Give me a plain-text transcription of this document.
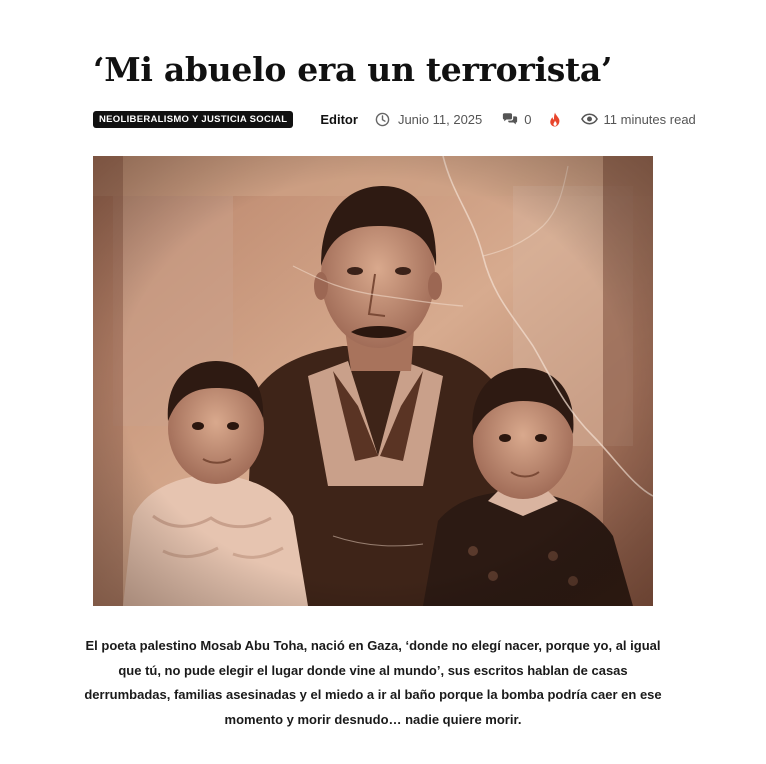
‘Mi abuelo era un terrorista’
NEOLIBERALISMO Y JUSTICIA SOCIAL	Editor	Junio 11, 2025	0	11 minutes read

El poeta palestino Mosab Abu Toha, nació en Gaza, ‘donde no elegí nacer, porque yo, al igual que tú, no pude elegir el lugar donde vine al mundo’, sus escritos hablan de casas derrumbadas, familias asesinadas y el miedo a ir al baño porque la bomba podría caer en ese momento y morir desnudo… nadie quiere morir.
